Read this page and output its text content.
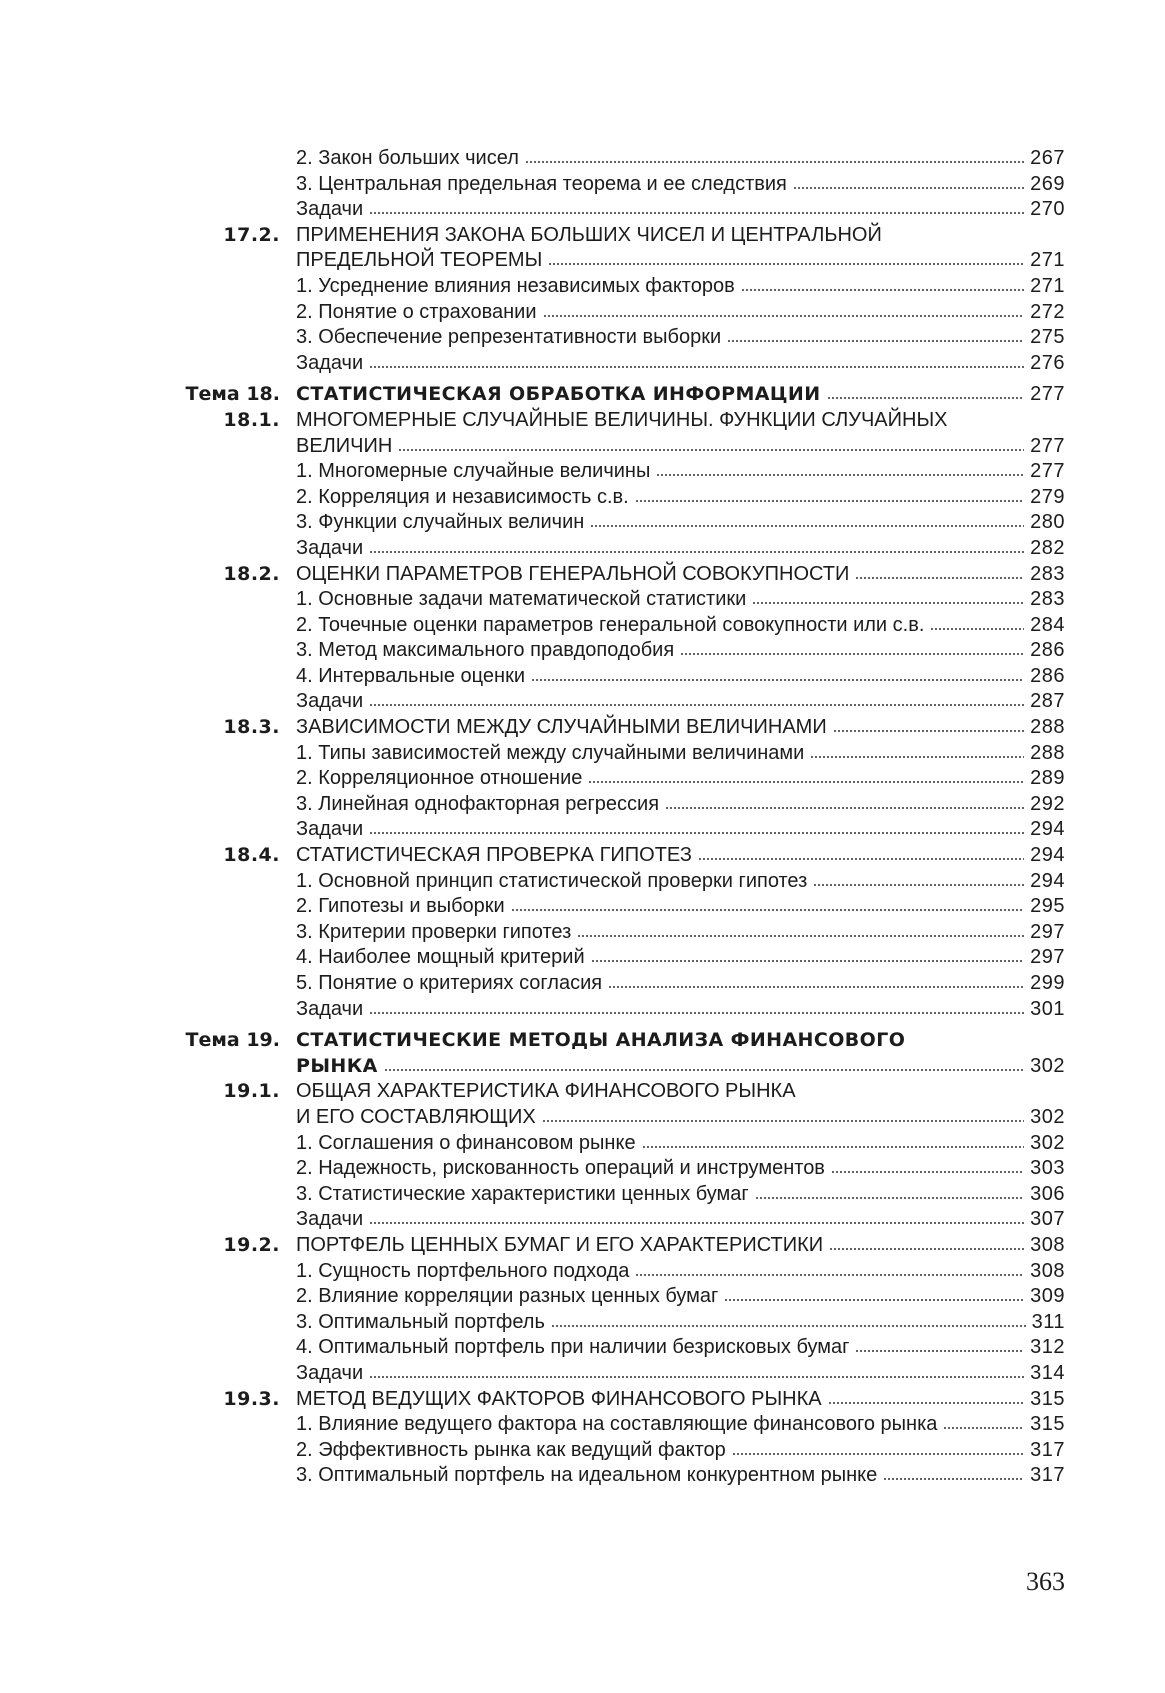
2. Закон больших чисел	267
3. Центральная предельная теорема и ее следствия	269
Задачи	270
17.2. ПРИМЕНЕНИЯ ЗАКОНА БОЛЬШИХ ЧИСЕЛ И ЦЕНТРАЛЬНОЙ
ПРЕДЕЛЬНОЙ ТЕОРЕМЫ	271
1. Усреднение влияния независимых факторов	271
2. Понятие о страховании	272
3. Обеспечение репрезентативности выборки	275
Задачи	276
Тема 18. СТАТИСТИЧЕСКАЯ ОБРАБОТКА ИНФОРМАЦИИ	277
18.1. МНОГОМЕРНЫЕ СЛУЧАЙНЫЕ ВЕЛИЧИНЫ. ФУНКЦИИ СЛУЧАЙНЫХ
ВЕЛИЧИН	277
1. Многомерные случайные величины	277
2. Корреляция и независимость с.в.	279
3. Функции случайных величин	280
Задачи	282
18.2. ОЦЕНКИ ПАРАМЕТРОВ ГЕНЕРАЛЬНОЙ СОВОКУПНОСТИ	283
1. Основные задачи математической статистики	283
2. Точечные оценки параметров генеральной совокупности или с.в.	284
3. Метод максимального правдоподобия	286
4. Интервальные оценки	286
Задачи	287
18.3. ЗАВИСИМОСТИ МЕЖДУ СЛУЧАЙНЫМИ ВЕЛИЧИНАМИ	288
1. Типы зависимостей между случайными величинами	288
2. Корреляционное отношение	289
3. Линейная однофакторная регрессия	292
Задачи	294
18.4. СТАТИСТИЧЕСКАЯ ПРОВЕРКА ГИПОТЕЗ	294
1. Основной принцип статистической проверки гипотез	294
2. Гипотезы и выборки	295
3. Критерии проверки гипотез	297
4. Наиболее мощный критерий	297
5. Понятие о критериях согласия	299
Задачи	301
Тема 19. СТАТИСТИЧЕСКИЕ МЕТОДЫ АНАЛИЗА ФИНАНСОВОГО
РЫНКА	302
19.1. ОБЩАЯ ХАРАКТЕРИСТИКА ФИНАНСОВОГО РЫНКА
И ЕГО СОСТАВЛЯЮЩИХ	302
1. Соглашения о финансовом рынке	302
2. Надежность, рискованность операций и инструментов	303
3. Статистические характеристики ценных бумаг	306
Задачи	307
19.2. ПОРТФЕЛЬ ЦЕННЫХ БУМАГ И ЕГО ХАРАКТЕРИСТИКИ	308
1. Сущность портфельного подхода	308
2. Влияние корреляции разных ценных бумаг	309
3. Оптимальный портфель	311
4. Оптимальный портфель при наличии безрисковых бумаг	312
Задачи	314
19.3. МЕТОД ВЕДУЩИХ ФАКТОРОВ ФИНАНСОВОГО РЫНКА	315
1. Влияние ведущего фактора на составляющие финансового рынка	315
2. Эффективность рынка как ведущий фактор	317
3. Оптимальный портфель на идеальном конкурентном рынке	317
363
